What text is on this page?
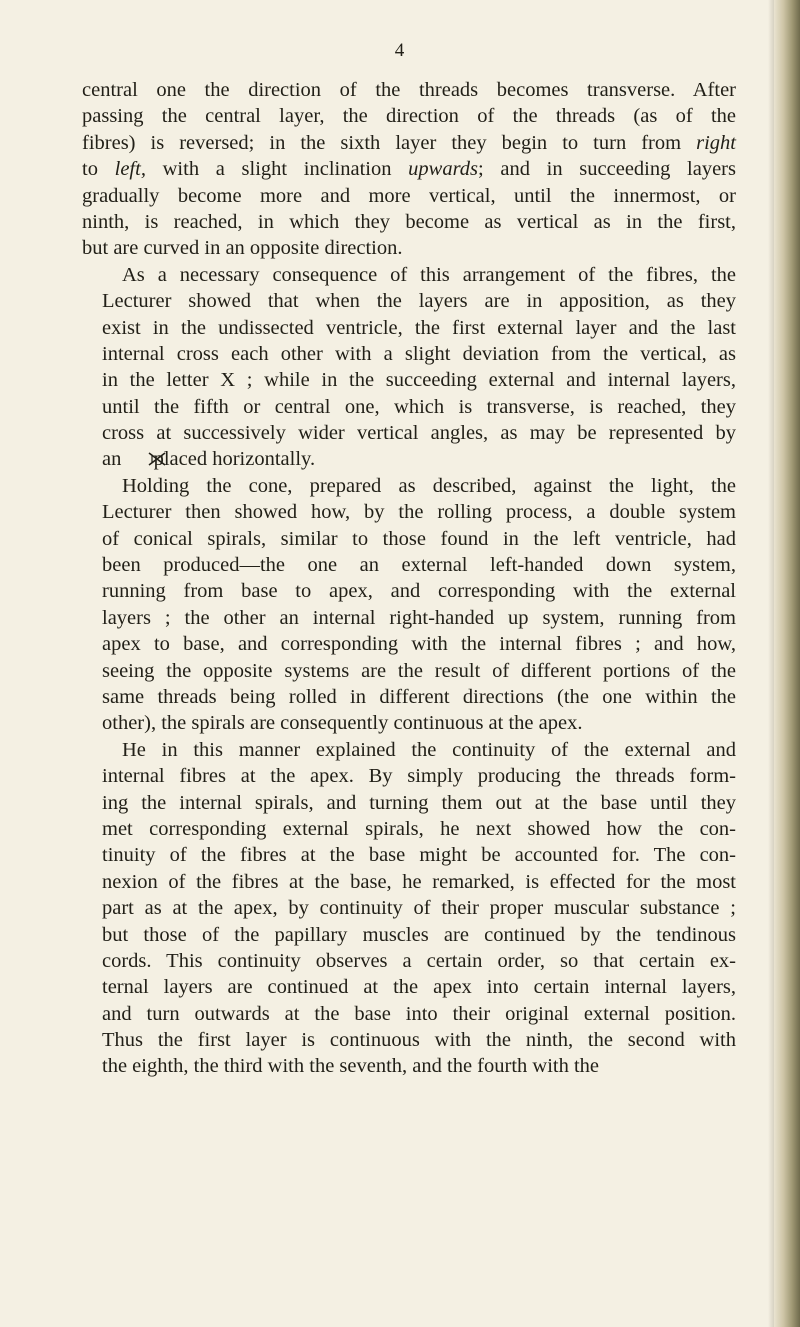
4
central one the direction of the threads becomes transverse. After
passing the central layer, the direction of the threads (as of the
fibres) is reversed; in the sixth layer they begin to turn from right
to left, with a slight inclination upwards; and in succeeding layers
gradually become more and more vertical, until the innermost, or
ninth, is reached, in which they become as vertical as in the first,
but are curved in an opposite direction.
As a necessary consequence of this arrangement of the fibres, the
Lecturer showed that when the layers are in apposition, as they
exist in the undissected ventricle, the first external layer and the last
internal cross each other with a slight deviation from the vertical, as
in the letter X ; while in the succeeding external and internal layers,
until the fifth or central one, which is transverse, is reached, they
cross at successively wider vertical angles, as may be represented by
an  placed horizontally.
Holding the cone, prepared as described, against the light, the
Lecturer then showed how, by the rolling process, a double system
of conical spirals, similar to those found in the left ventricle, had
been produced—the one an external left-handed down system,
running from base to apex, and corresponding with the external
layers ; the other an internal right-handed up system, running from
apex to base, and corresponding with the internal fibres ; and how,
seeing the opposite systems are the result of different portions of the
same threads being rolled in different directions (the one within the
other), the spirals are consequently continuous at the apex.
He in this manner explained the continuity of the external and
internal fibres at the apex. By simply producing the threads form-
ing the internal spirals, and turning them out at the base until they
met corresponding external spirals, he next showed how the con-
tinuity of the fibres at the base might be accounted for. The con-
nexion of the fibres at the base, he remarked, is effected for the most
part as at the apex, by continuity of their proper muscular substance ;
but those of the papillary muscles are continued by the tendinous
cords. This continuity observes a certain order, so that certain ex-
ternal layers are continued at the apex into certain internal layers,
and turn outwards at the base into their original external position.
Thus the first layer is continuous with the ninth, the second with
the eighth, the third with the seventh, and the fourth with the
